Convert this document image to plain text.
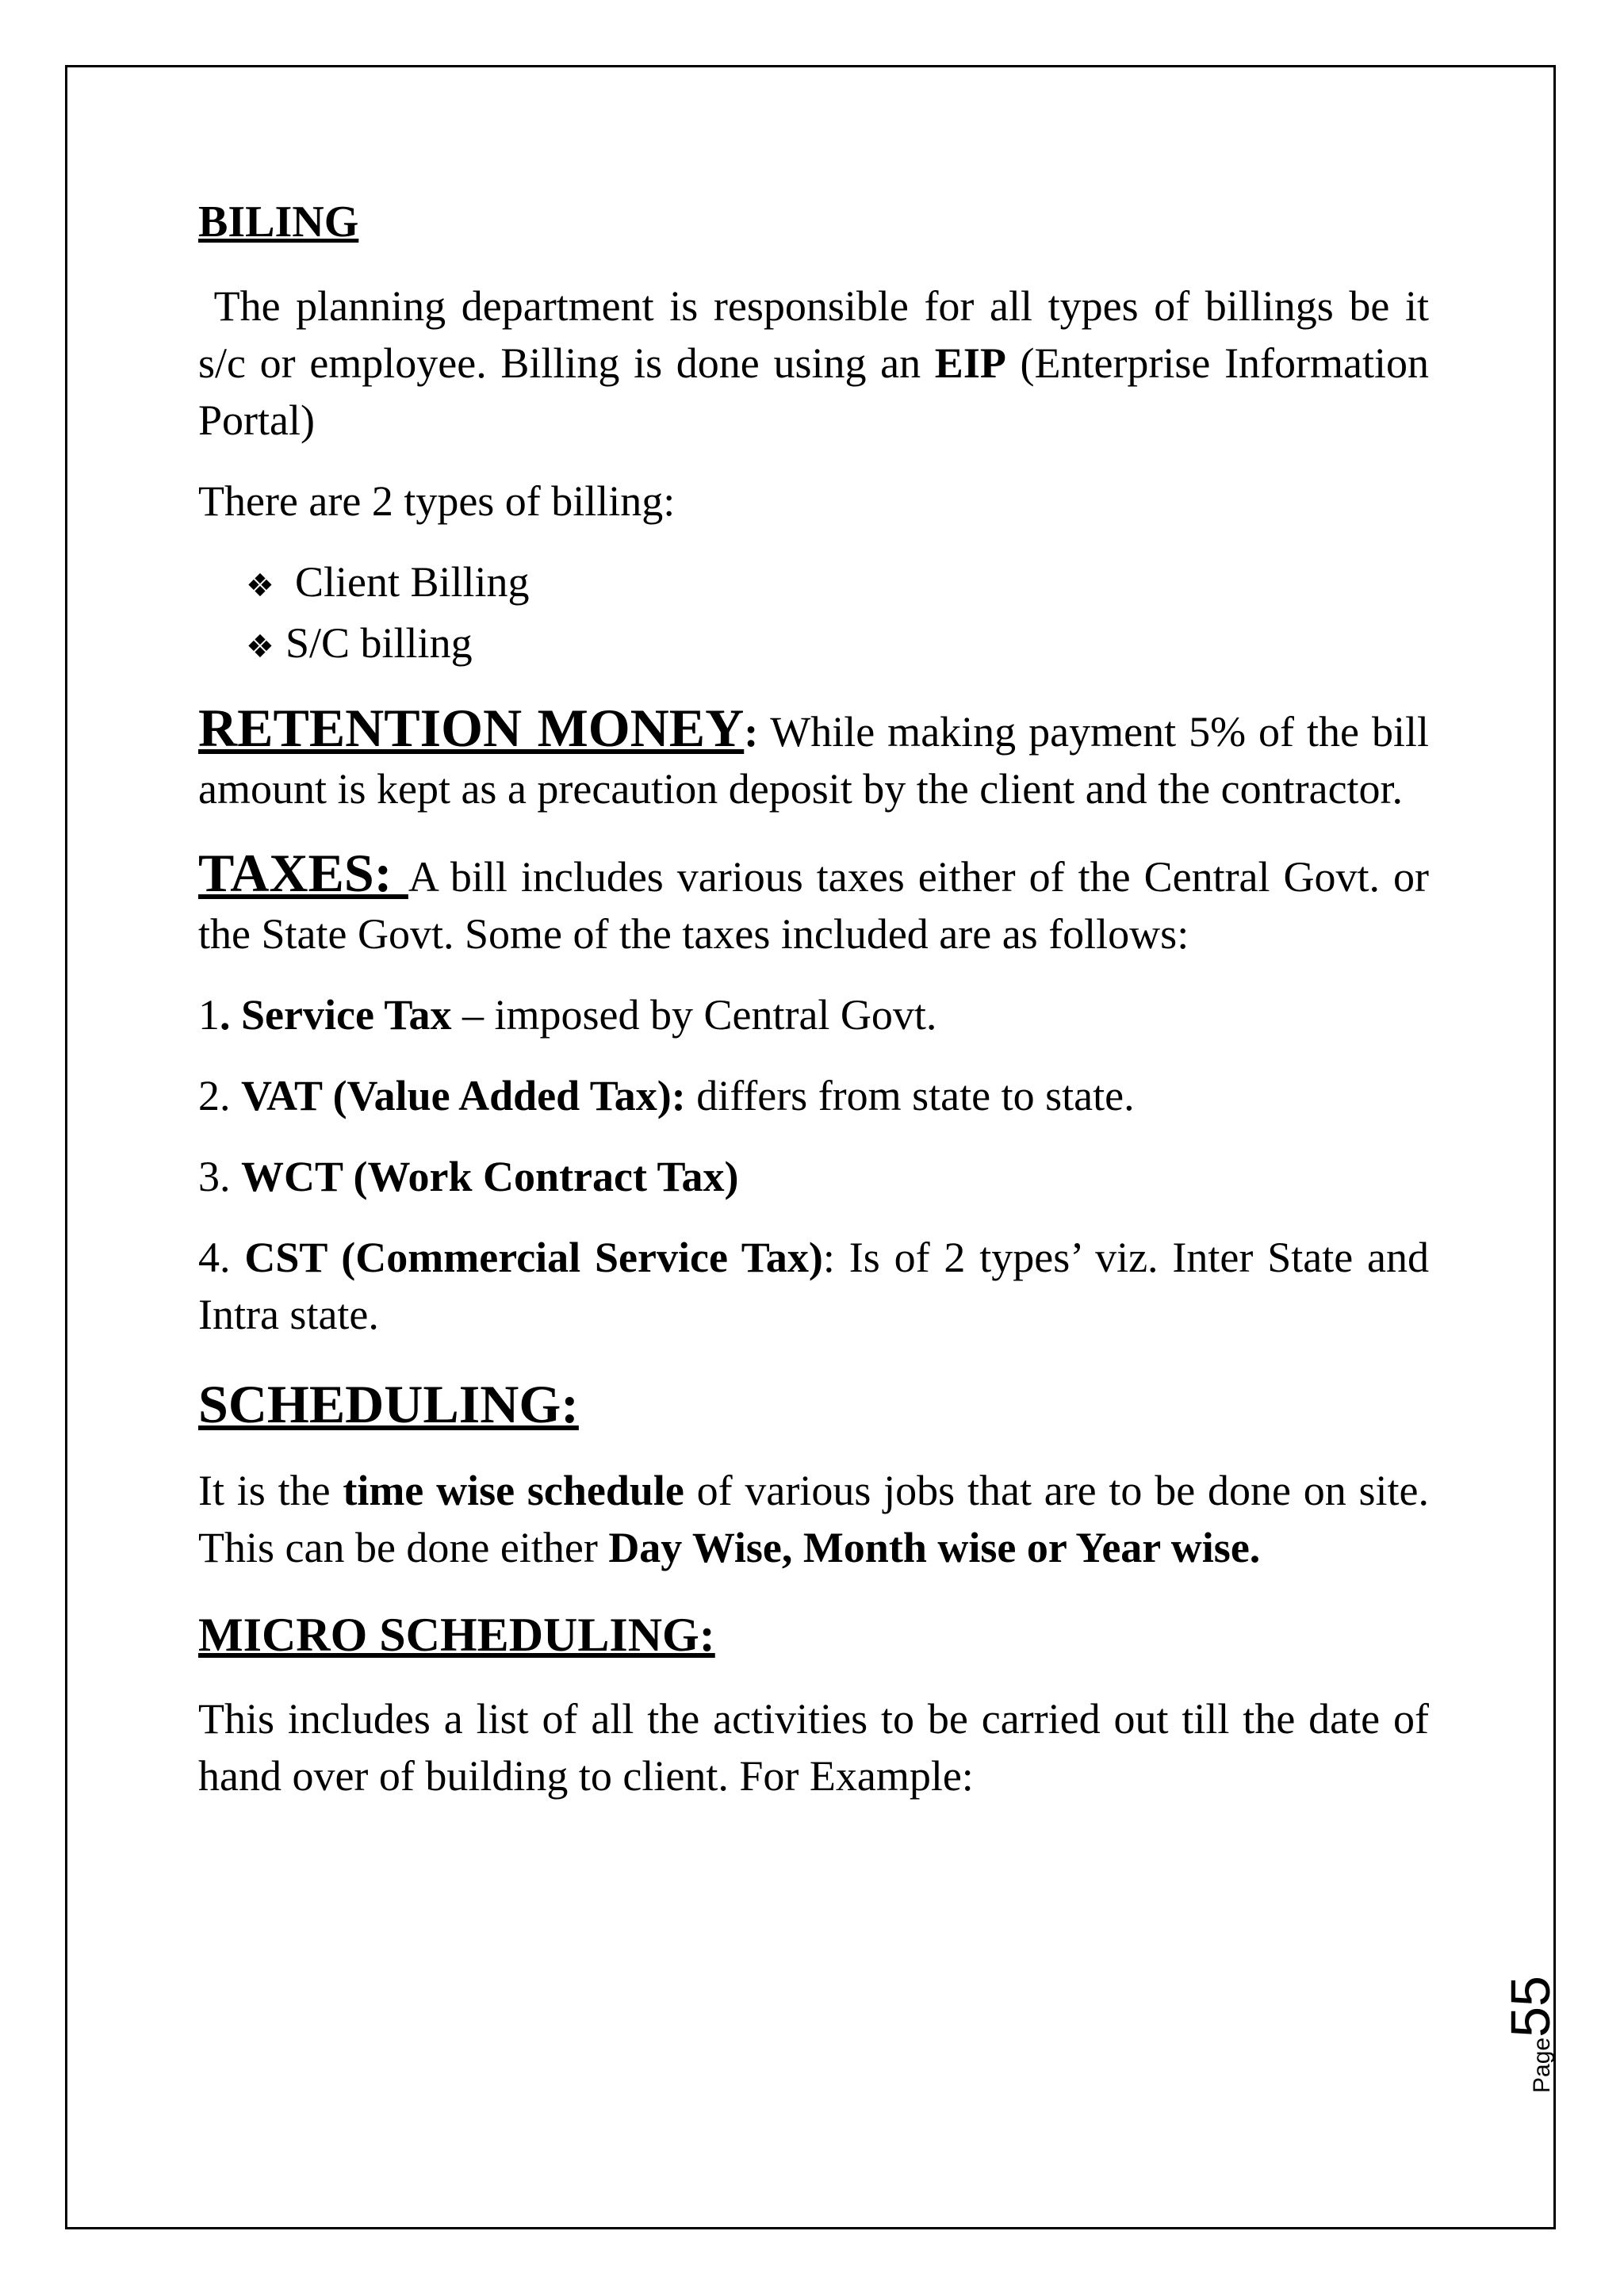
BILING

The planning department is responsible for all types of billings be it s/c or employee. Billing is done using an EIP (Enterprise Information Portal)

There are 2 types of billing:

❖ Client Billing
❖ S/C billing

RETENTION MONEY: While making payment 5% of the bill amount is kept as a precaution deposit by the client and the contractor.

TAXES: A bill includes various taxes either of the Central Govt. or the State Govt. Some of the taxes included are as follows:

1. Service Tax – imposed by Central Govt.

2. VAT (Value Added Tax): differs from state to state.

3. WCT (Work Contract Tax)

4. CST (Commercial Service Tax): Is of 2 types’ viz. Inter State and Intra state.

SCHEDULING:

It is the time wise schedule of various jobs that are to be done on site. This can be done either Day Wise, Month wise or Year wise.

MICRO SCHEDULING:

This includes a list of all the activities to be carried out till the date of hand over of building to client. For Example:

Page55
